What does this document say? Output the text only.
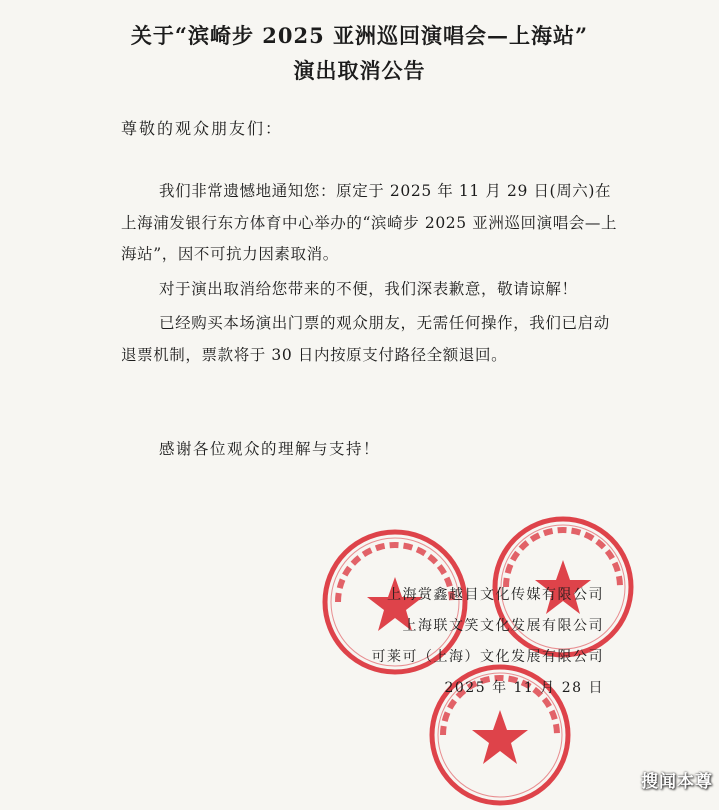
关于“滨崎步 2025 亚洲巡回演唱会—上海站”
演出取消公告
尊敬的观众朋友们：

我们非常遗憾地通知您：原定于 2025 年 11 月 29 日(周六)在上海浦发银行东方体育中心举办的“滨崎步 2025 亚洲巡回演唱会—上海站”，因不可抗力因素取消。

对于演出取消给您带来的不便，我们深表歉意，敬请谅解！

已经购买本场演出门票的观众朋友，无需任何操作，我们已启动退票机制，票款将于 30 日内按原支付路径全额退回。

感谢各位观众的理解与支持！
上海赏鑫越目文化传媒有限公司
上海联文笑文化发展有限公司
可莱可（上海）文化发展有限公司
2025 年 11 月 28 日
搜闻本尊
